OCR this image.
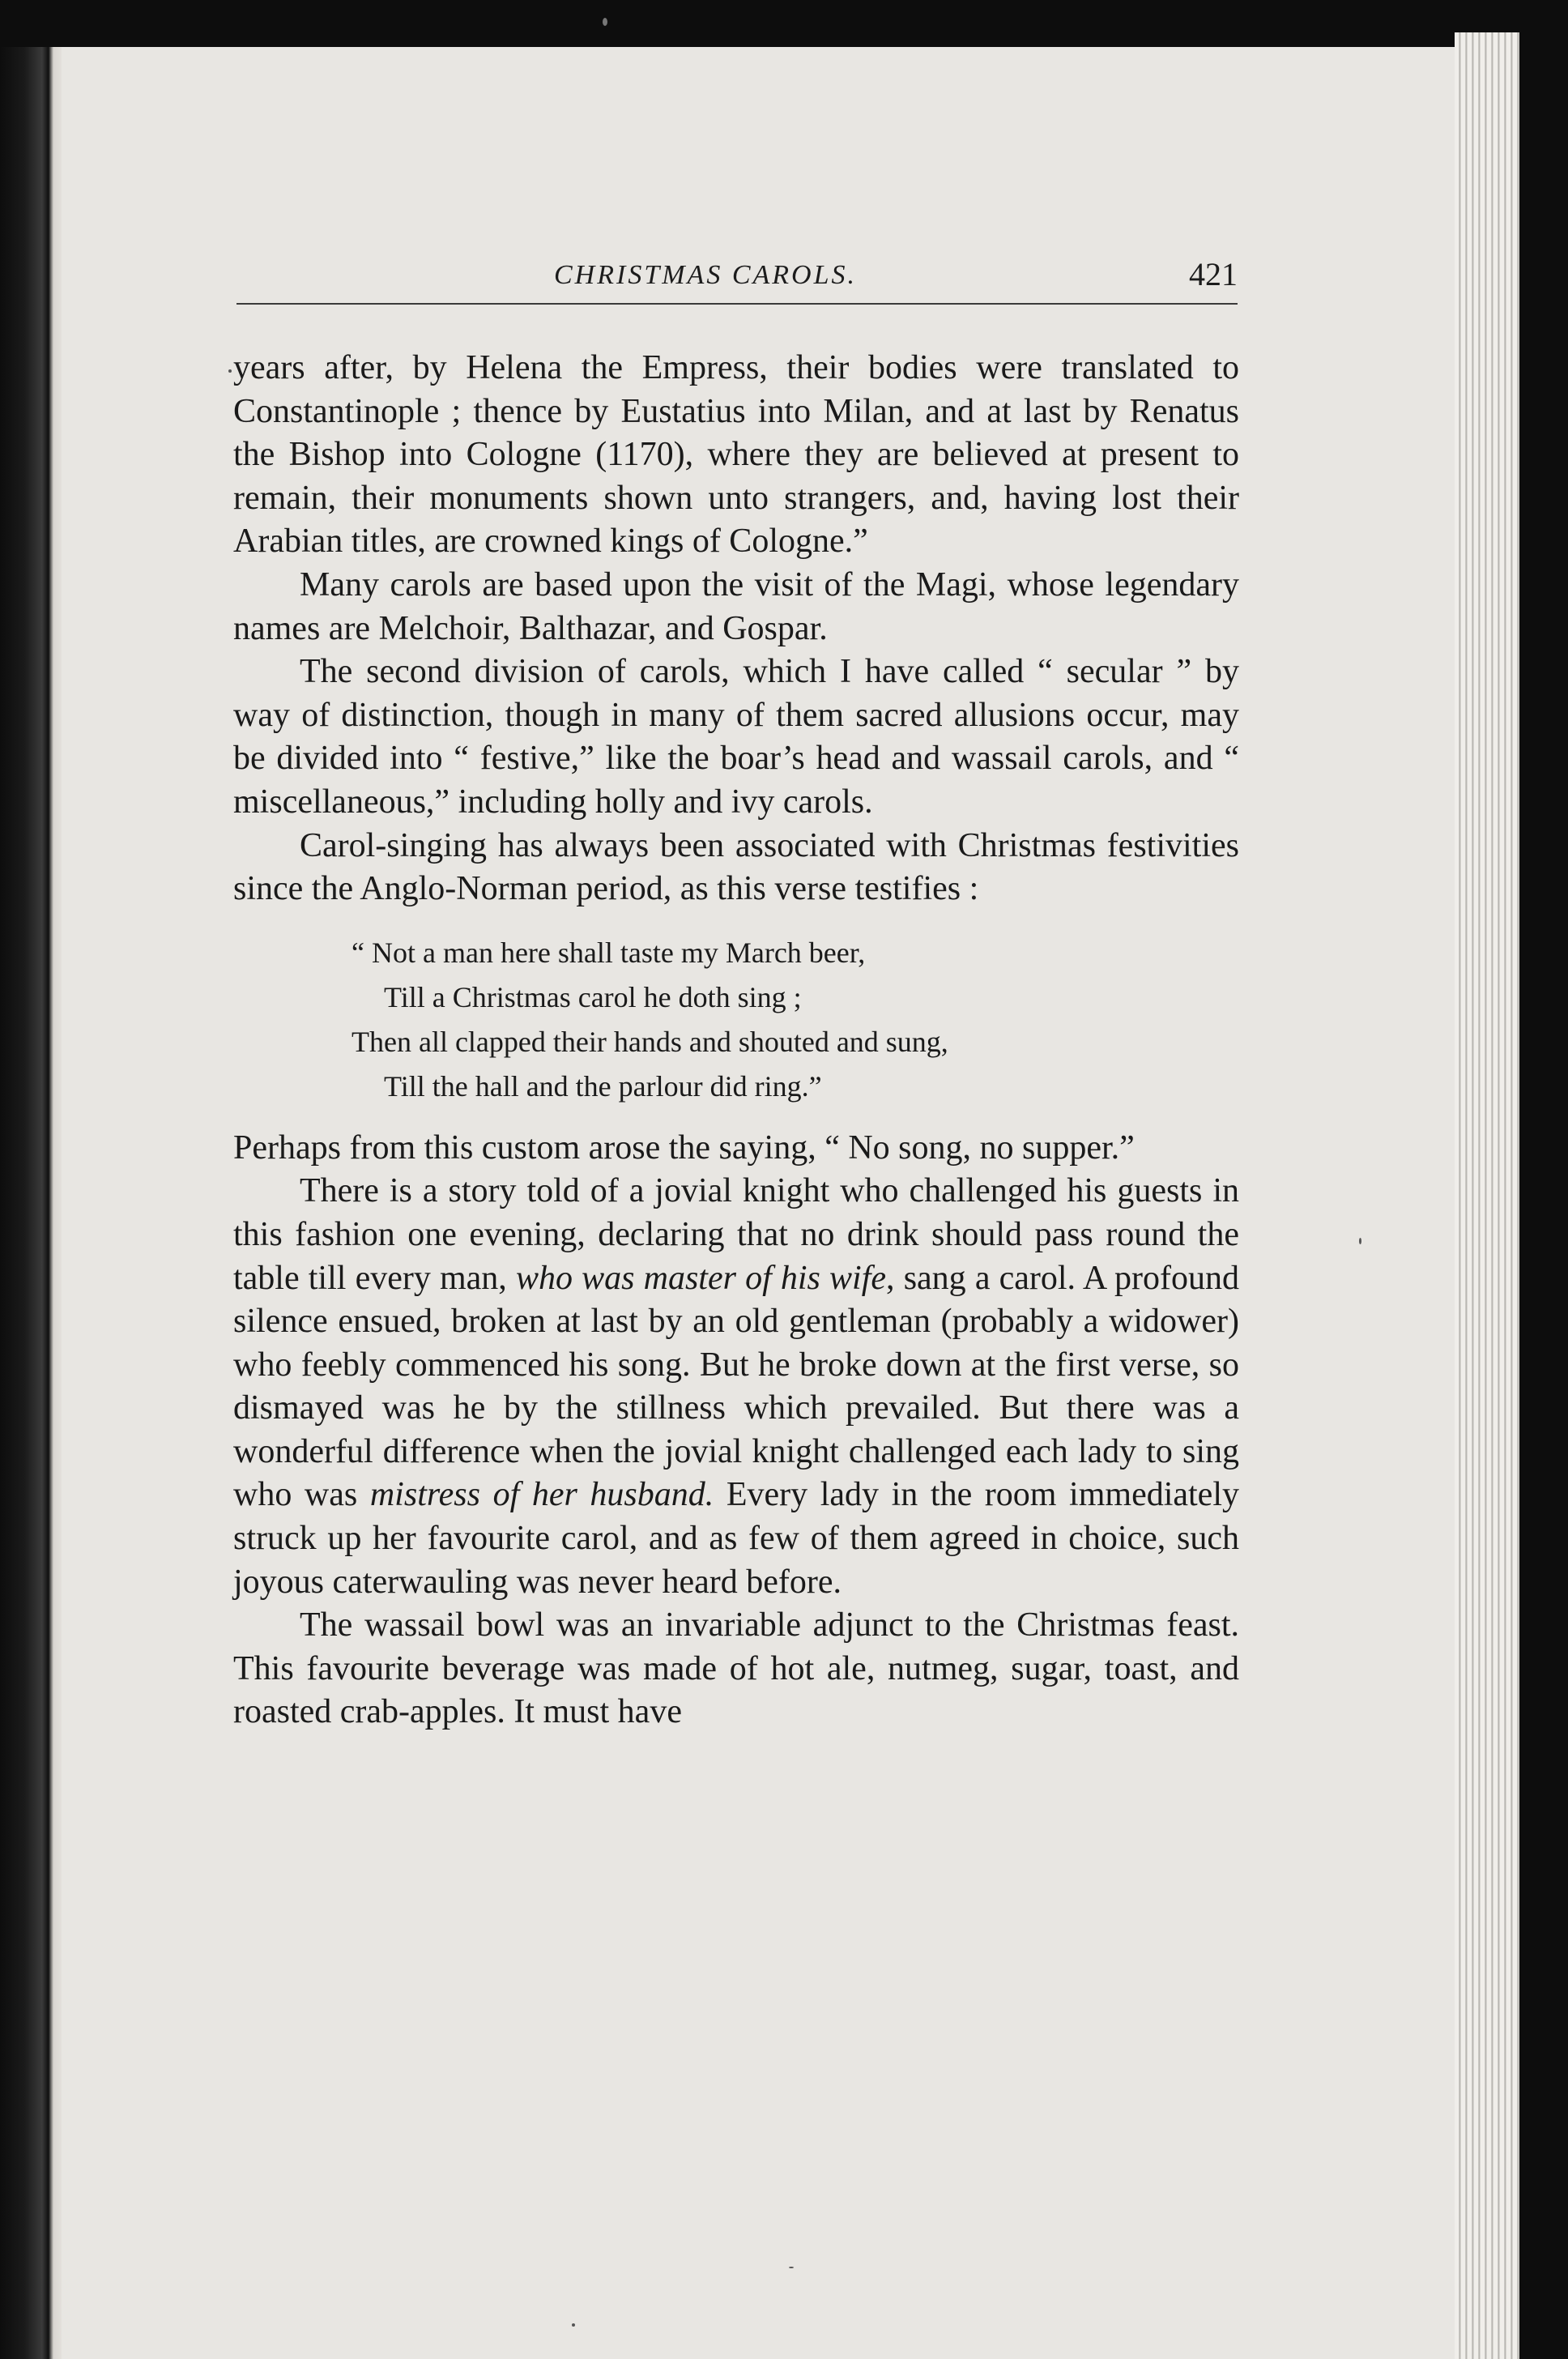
CHRISTMAS CAROLS.	421

years after, by Helena the Empress, their bodies were translated to Constantinople ; thence by Eustatius into Milan, and at last by Renatus the Bishop into Cologne (1170), where they are believed at present to remain, their monuments shown unto strangers, and, having lost their Arabian titles, are crowned kings of Cologne.”

Many carols are based upon the visit of the Magi, whose legendary names are Melchoir, Balthazar, and Gospar.

The second division of carols, which I have called “ secular ” by way of distinction, though in many of them sacred allusions occur, may be divided into “ festive,” like the boar’s head and wassail carols, and “ miscellaneous,” including holly and ivy carols.

Carol-singing has always been associated with Christmas festivities since the Anglo-Norman period, as this verse testifies :

“ Not a man here shall taste my March beer,
Till a Christmas carol he doth sing ;
Then all clapped their hands and shouted and sung,
Till the hall and the parlour did ring.”

Perhaps from this custom arose the saying, “ No song, no supper.”

There is a story told of a jovial knight who challenged his guests in this fashion one evening, declaring that no drink should pass round the table till every man, who was master of his wife, sang a carol. A profound silence ensued, broken at last by an old gentleman (probably a widower) who feebly commenced his song. But he broke down at the first verse, so dismayed was he by the stillness which prevailed. But there was a wonderful difference when the jovial knight challenged each lady to sing who was mistress of her husband. Every lady in the room immediately struck up her favourite carol, and as few of them agreed in choice, such joyous caterwauling was never heard before.

The wassail bowl was an invariable adjunct to the Christmas feast. This favourite beverage was made of hot ale, nutmeg, sugar, toast, and roasted crab-apples. It must have
